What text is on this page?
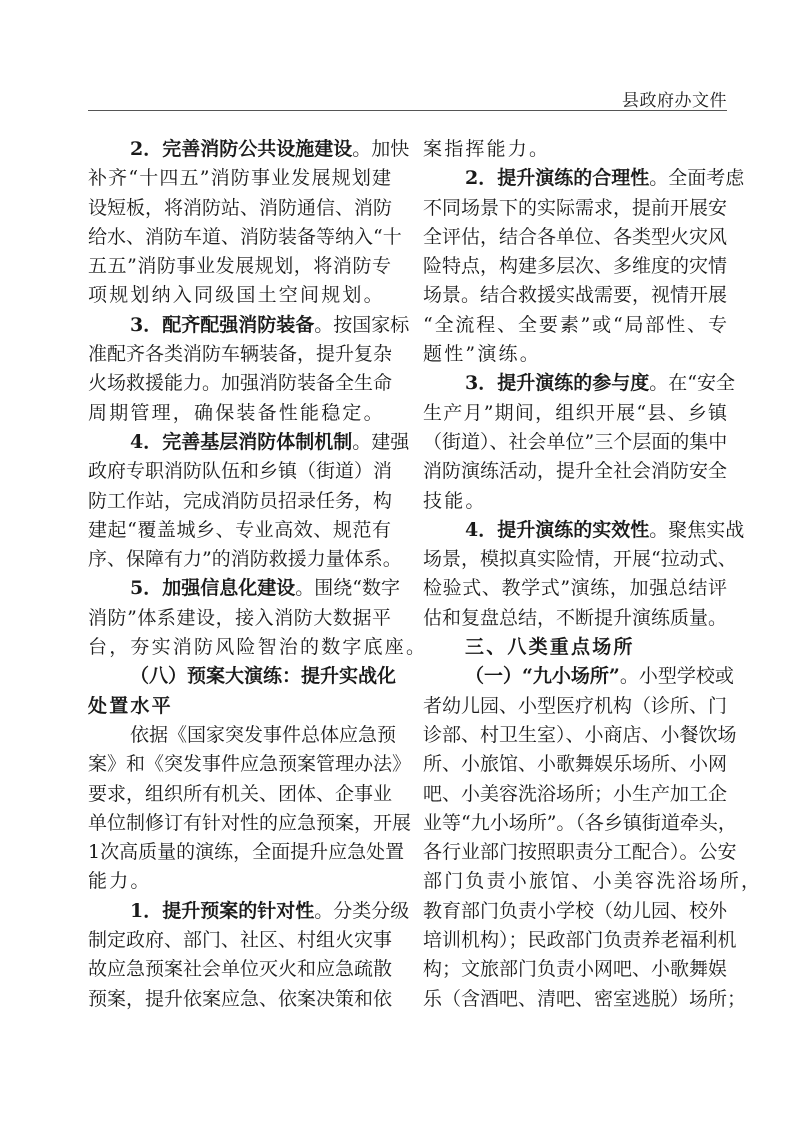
县政府办文件
2．完善消防公共设施建设。加快
补齐“十四五”消防事业发展规划建
设短板，将消防站、消防通信、消防
给水、消防车道、消防装备等纳入“十
五五”消防事业发展规划，将消防专
项规划纳入同级国土空间规划。
3．配齐配强消防装备。按国家标
准配齐各类消防车辆装备，提升复杂
火场救援能力。加强消防装备全生命
周期管理，确保装备性能稳定。
4．完善基层消防体制机制。建强
政府专职消防队伍和乡镇（街道）消
防工作站，完成消防员招录任务，构
建起“覆盖城乡、专业高效、规范有
序、保障有力”的消防救援力量体系。
5．加强信息化建设。围绕“数字
消防”体系建设，接入消防大数据平
台，夯实消防风险智治的数字底座。
（八）预案大演练：提升实战化
处置水平
依据《国家突发事件总体应急预
案》和《突发事件应急预案管理办法》
要求，组织所有机关、团体、企事业
单位制修订有针对性的应急预案，开展
1次高质量的演练，全面提升应急处置
能力。
1．提升预案的针对性。分类分级
制定政府、部门、社区、村组火灾事
故应急预案社会单位灭火和应急疏散
预案，提升依案应急、依案决策和依
案指挥能力。
2．提升演练的合理性。全面考虑
不同场景下的实际需求，提前开展安
全评估，结合各单位、各类型火灾风
险特点，构建多层次、多维度的灾情
场景。结合救援实战需要，视情开展
“全流程、全要素”或“局部性、专
题性”演练。
3．提升演练的参与度。在“安全
生产月”期间，组织开展“县、乡镇
（街道）、社会单位”三个层面的集中
消防演练活动，提升全社会消防安全
技能。
4．提升演练的实效性。聚焦实战
场景，模拟真实险情，开展“拉动式、
检验式、教学式”演练，加强总结评
估和复盘总结，不断提升演练质量。
三、八类重点场所
（一）“九小场所”。小型学校或
者幼儿园、小型医疗机构（诊所、门
诊部、村卫生室）、小商店、小餐饮场
所、小旅馆、小歌舞娱乐场所、小网
吧、小美容洗浴场所；小生产加工企
业等“九小场所”。（各乡镇街道牵头，
各行业部门按照职责分工配合）。公安
部门负责小旅馆、小美容洗浴场所，
教育部门负责小学校（幼儿园、校外
培训机构）；民政部门负责养老福利机
构；文旅部门负责小网吧、小歌舞娱
乐（含酒吧、清吧、密室逃脱）场所；
